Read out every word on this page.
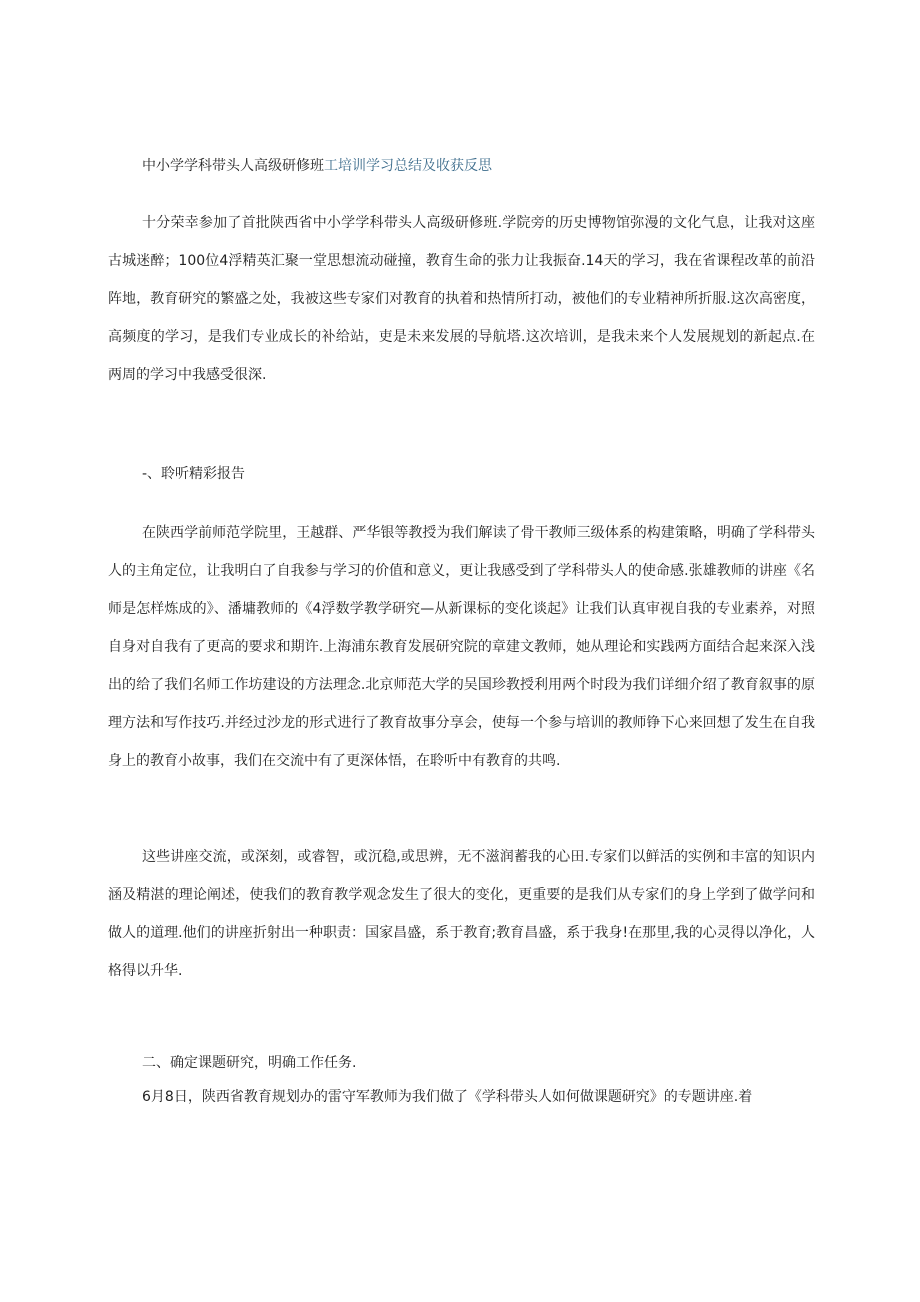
中小学学科带头人高级研修班工培训学习总结及收获反思

十分荣幸参加了首批陕西省中小学学科带头人高级研修班.学院旁的历史博物馆弥漫的文化气息，让我对这座古城迷醉；100位4浮精英汇聚一堂思想流动碰撞，教育生命的张力让我振奋.14天的学习，我在省课程改革的前沿阵地，教育研究的繁盛之处，我被这些专家们对教育的执着和热情所打动，被他们的专业精神所折服.这次高密度，高频度的学习，是我们专业成长的补给站，吏是未来发展的导航塔.这次培训，是我未来个人发展规划的新起点.在两周的学习中我感受很深.

-、聆听精彩报告

在陕西学前师范学院里，王越群、严华银等教授为我们解读了骨干教师三级体系的构建策略，明确了学科带头人的主角定位，让我明白了自我参与学习的价值和意义，更让我感受到了学科带头人的使命感.张雄教师的讲座《名师是怎样炼成的》、潘墉教师的《4浮数学教学研究—从新课标的变化谈起》让我们认真审视自我的专业素养，对照自身对自我有了更高的要求和期许.上海浦东教育发展研究院的章建文教师，她从理论和实践两方面结合起来深入浅出的给了我们名师工作坊建设的方法理念.北京师范大学的吴国珍教授利用两个时段为我们详细介绍了教育叙事的原理方法和写作技巧.并经过沙龙的形式进行了教育故事分享会，使每一个参与培训的教师铮下心来回想了发生在自我身上的教育小故事，我们在交流中有了更深体悟，在聆听中有教育的共鸣.

这些讲座交流，或深刻，或睿智，或沉稳,或思辨，无不滋润蓄我的心田.专家们以鲜活的实例和丰富的知识内涵及精湛的理论阐述，使我们的教育教学观念发生了很大的变化，更重要的是我们从专家们的身上学到了做学问和做人的道理.他们的讲座折射出一种职责：国家昌盛，系于教育;教育昌盛，系于我身!在那里,我的心灵得以净化，人格得以升华.

二、确定课题研究，明确工作任务.

6月8日，陕西省教育规划办的雷守军教师为我们做了《学科带头人如何做课题研究》的专题讲座.着
